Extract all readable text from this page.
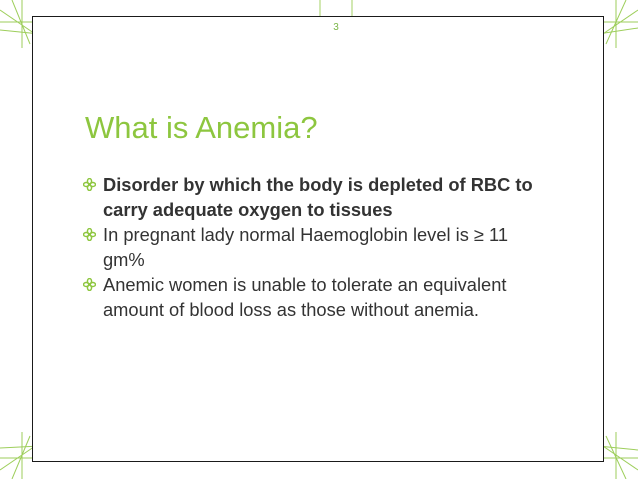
3
What is Anemia?
Disorder by which the body is depleted of RBC to carry adequate oxygen to tissues
In pregnant lady normal Haemoglobin level is ≥ 11 gm%
Anemic women is unable to tolerate an equivalent amount of blood loss as those without anemia.
